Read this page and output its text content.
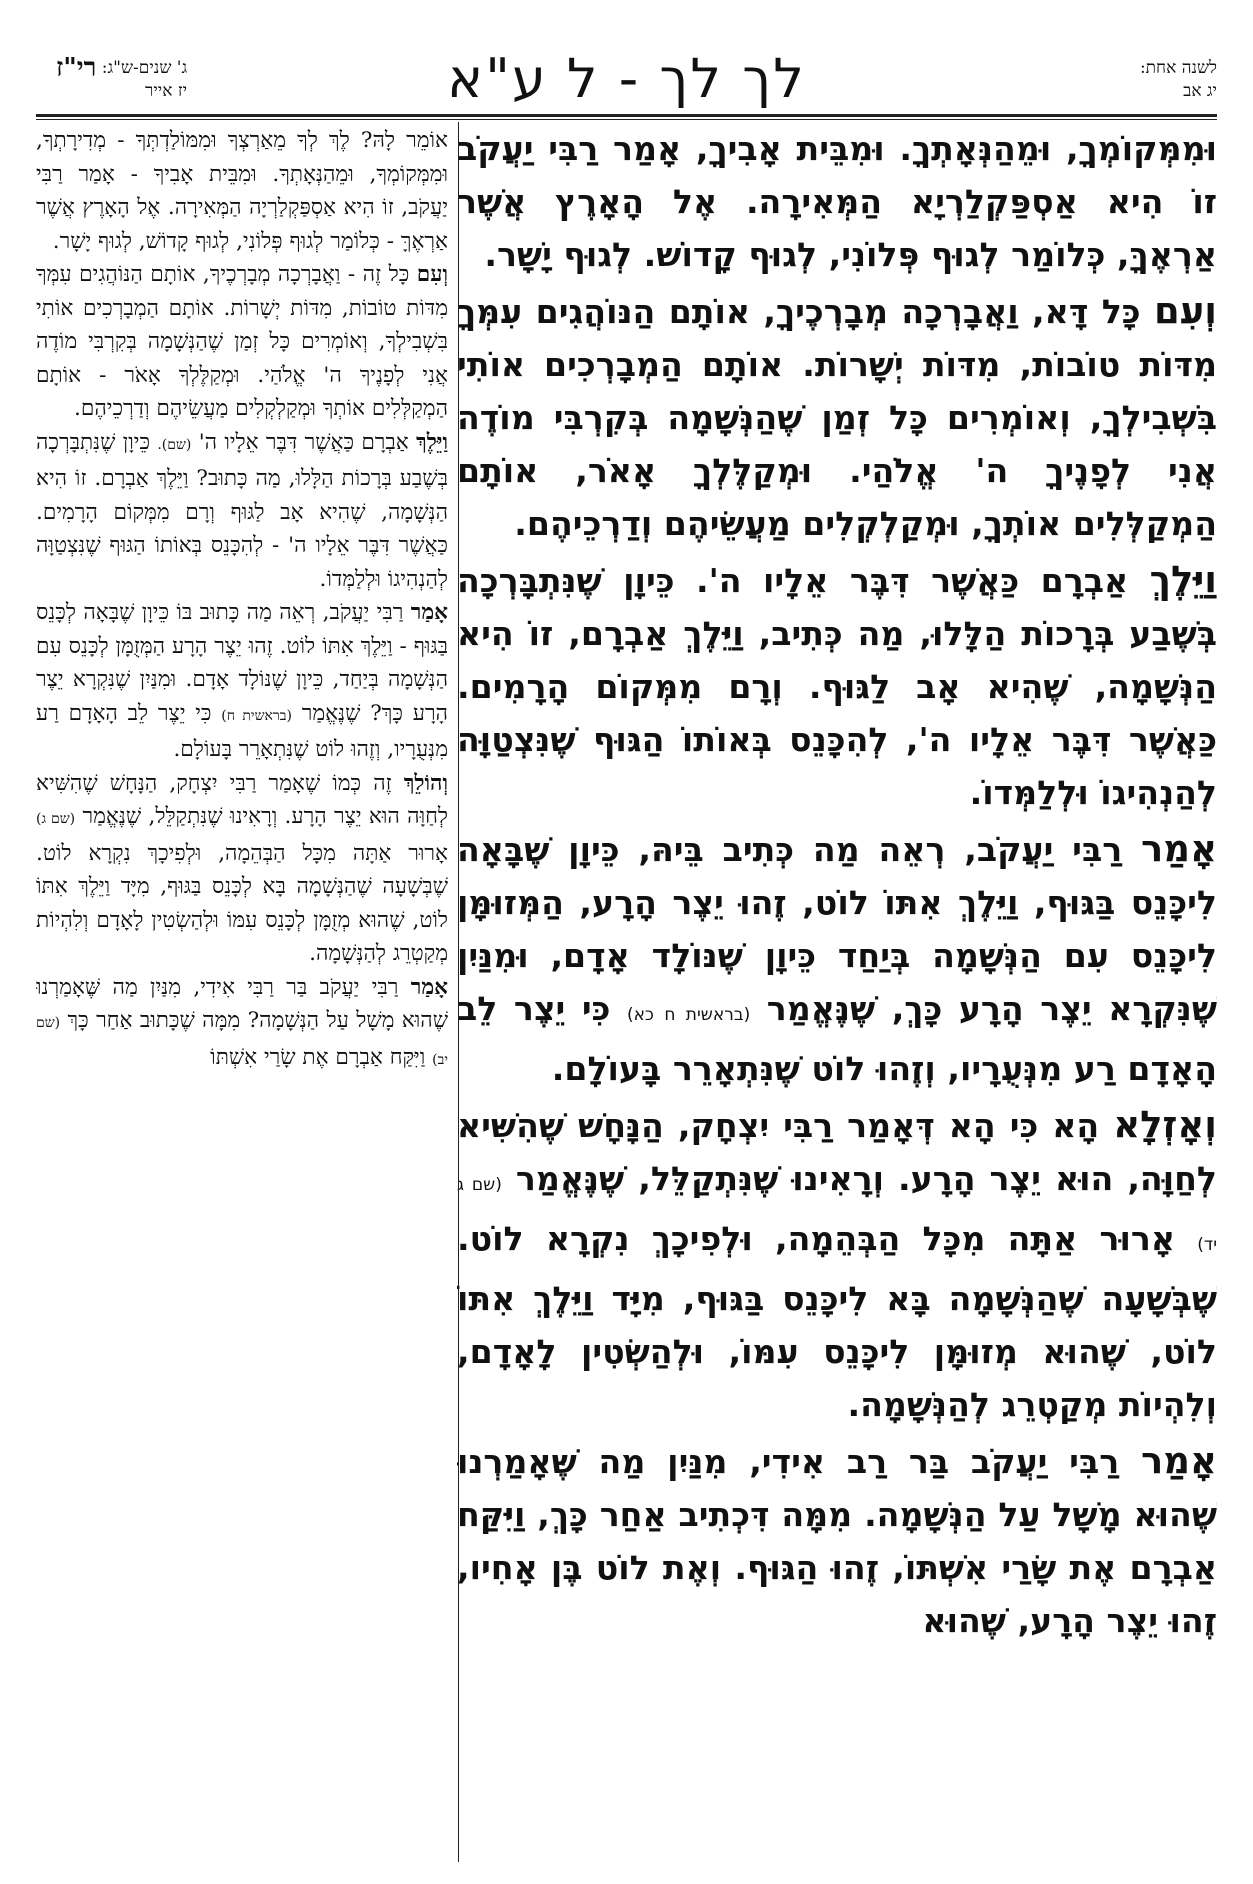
לשנה אחת:
יג אב
לך לך - ל ע"א
ג' שנים-ש"ג:
יז אייר
רי"ז

וּמִמְּקוֹמְךָ, וּמֵהַנְּאָתְךָ. וּמִבֵּית אָבִיךָ, אָמַר רַבִּי יַעֲקֹב זוֹ הִיא אַסְפַּקְלַרְיָא הַמְּאִירָה. אֶל הָאָרֶץ אֲשֶׁר אַרְאֶךָּ, כְּלוֹמַר לְגוּף פְּלוֹנִי, לְגוּף קָדוֹשׁ. לְגוּף יָשָׁר.

וְעִם כָּל דָּא, וַאֲבָרְכָה מְבָרְכֶיךָ, אוֹתָם הַנּוֹהֲגִים עִמְּךָ מִדּוֹת טוֹבוֹת, מִדּוֹת יְשָׁרוֹת. אוֹתָם הַמְבָרְכִים אוֹתִי בִּשְׁבִילְךָ, וְאוֹמְרִים כָּל זְמַן שֶׁהַנְּשָׁמָה בְּקִרְבִּי מוֹדֶה אֲנִי לְפָנֶיךָ ה' אֱלֹהַי. וּמְקַלֶּלְךָ אָאֹר, אוֹתָם הַמְקַלְּלִים אוֹתְךָ, וּמְקַלְקְלִים מַעֲשֵׂיהֶם וְדַרְכֵיהֶם.

וַיֵּלֶךְ אַבְרָם כַּאֲשֶׁר דִּבֶּר אֵלָיו ה'. כֵּיוָן שֶׁנִּתְבָּרְכָה בְּשֶׁבַע בְּרָכוֹת הַלָּלוּ, מַה כְּתִיב, וַיֵּלֶךְ אַבְרָם, זוֹ הִיא הַנְּשָׁמָה, שֶׁהִיא אָב לַגּוּף. וְרָם מִמְּקוֹם הָרָמִים. כַּאֲשֶׁר דִּבֶּר אֵלָיו ה', לְהִכָּנֵס בְּאוֹתוֹ הַגּוּף שֶׁנִּצְטַוָּה לְהַנְהִיגוֹ וּלְלַמְּדוֹ.

אָמַר רַבִּי יַעֲקֹב, רְאֵה מַה כְּתִיב בֵּיהּ, כֵּיוָן שֶׁבָּאָה לִיכָּנֵס בַּגּוּף, וַיֵּלֶךְ אִתּוֹ לוֹט, זֶהוּ יֵצֶר הָרָע, הַמְּזוּמָּן לִיכָּנֵס עִם הַנְּשָׁמָה בְּיַחַד כֵּיוָן שֶׁנּוֹלָד אָדָם, וּמִנַּיִן שֶׁנִּקְרָא יֵצֶר הָרָע כָּךְ, שֶׁנֶּאֱמַר (בראשית ח כא) כִּי יֵצֶר לֵב הָאָדָם רַע מִנְּעֻרָיו, וְזֶהוּ לוֹט שֶׁנִּתְאָרֵר בָּעוֹלָם.

וְאָזְלָא הָא כִּי הָא דְּאָמַר רַבִּי יִצְחָק, הַנָּחָשׁ שֶׁהִשִּׁיא לְחַוָּה, הוּא יֵצֶר הָרָע. וְרָאִינוּ שֶׁנִּתְקַלֵּל, שֶׁנֶּאֱמַר (שם ג יד) אָרוּר אַתָּה מִכָּל הַבְּהֵמָה, וּלְפִיכָךְ נִקְרָא לוֹט. שֶׁבְּשָׁעָה שֶׁהַנְּשָׁמָה בָּא לִיכָּנֵס בַּגּוּף, מִיָּד וַיֵּלֶךְ אִתּוֹ לוֹט, שֶׁהוּא מְזוּמָּן לִיכָּנֵס עִמּוֹ, וּלְהַשְׂטִין לָאָדָם, וְלִהְיוֹת מְקַטְרֵג לְהַנְּשָׁמָה.

אָמַר רַבִּי יַעֲקֹב בַּר רַב אִידִי, מִנַּיִן מַה שֶּׁאָמַרְנוּ שֶׁהוּא מָשָׁל עַל הַנְּשָׁמָה. מִמָּה דִּכְתִיב אַחַר כָּךְ, וַיִּקַּח אַבְרָם אֶת שָׂרַי אִשְׁתּוֹ, זֶהוּ הַגּוּף. וְאֶת לוֹט בֶּן אָחִיו, זֶהוּ יֵצֶר הָרָע, שֶׁהוּא

אוֹמֵר לָהּ? לֶךְ לְךָ מֵאַרְצְךָ וּמִמּוֹלַדְתְּךָ - מְדִירָתְךָ, וּמִמְּקוֹמְךָ, וּמֵהַנְּאָתְךָ. וּמִבֵּית אָבִיךָ - אָמַר רַבִּי יַעֲקֹב, זוֹ הִיא אַסְפַּקְלַרְיָה הַמְּאִירָה. אֶל הָאָרֶץ אֲשֶׁר אַרְאֶךָּ - כְּלוֹמַר לְגוּף פְּלוֹנִי, לְגוּף קָדוֹשׁ, לְגוּף יָשָׁר.

וְעִם כָּל זֶה - וַאֲבָרְכָה מְבָרְכֶיךָ, אוֹתָם הַנּוֹהֲגִים עִמְּךָ מִדּוֹת טוֹבוֹת, מִדּוֹת יְשָׁרוֹת. אוֹתָם הַמְבָרְכִים אוֹתִי בִּשְׁבִילְךָ, וְאוֹמְרִים כָּל זְמַן שֶׁהַנְּשָׁמָה בְּקִרְבִּי מוֹדֶה אֲנִי לְפָנֶיךָ ה' אֱלֹהַי. וּמְקַלֶּלְךָ אָאֹר - אוֹתָם הַמְקַלְּלִים אוֹתְךָ וּמְקַלְקְלִים מַעֲשֵׂיהֶם וְדַרְכֵיהֶם.

וַיֵּלֶךְ אַבְרָם כַּאֲשֶׁר דִּבֶּר אֵלָיו ה' (שם). כֵּיוָן שֶׁנִּתְבָּרְכָה בְּשֶׁבַע בְּרָכוֹת הַלָּלוּ, מַה כָּתוּב? וַיֵּלֶךְ אַבְרָם. זוֹ הִיא הַנְּשָׁמָה, שֶׁהִיא אָב לַגּוּף וְרָם מִמְּקוֹם הָרָמִים. כַּאֲשֶׁר דִּבֶּר אֵלָיו ה' - לְהִכָּנֵס בְּאוֹתוֹ הַגּוּף שֶׁנִּצְטַוָּה לְהַנְהִיגוֹ וּלְלַמְּדוֹ.

אָמַר רַבִּי יַעֲקֹב, רְאֵה מַה כָּתוּב בּוֹ כֵּיוָן שֶׁבָּאָה לְכָּנֵס בַּגּוּף - וַיֵּלֶךְ אִתּוֹ לוֹט. זֶהוּ יֵצֶר הָרָע הַמְּזֻמָּן לְכָּנֵס עִם הַנְּשָׁמָה בְּיַחַד, כֵּיוָן שֶׁנּוֹלָד אָדָם. וּמִנַּיִן שֶׁנִּקְרָא יֵצֶר הָרָע כָּךְ? שֶׁנֶּאֱמַר (בראשית ח) כִּי יֵצֶר לֵב הָאָדָם רַע מִנְּעֻרָיו, וְזֶהוּ לוֹט שֶׁנִּתְאָרֵר בָּעוֹלָם.

וְהוֹלֵךְ זֶה כְּמוֹ שֶׁאָמַר רַבִּי יִצְחָק, הַנָּחָשׁ שֶׁהִשִּׁיא לְחַוָּה הוּא יֵצֶר הָרָע. וְרָאִינוּ שֶׁנִּתְקַלֵּל, שֶׁנֶּאֱמַר (שם ג) אָרוּר אַתָּה מִכָּל הַבְּהֵמָה, וּלְפִיכָךְ נִקְרָא לוֹט. שֶׁבְּשָׁעָה שֶׁהַנְּשָׁמָה בָּא לְכָּנֵס בַּגּוּף, מִיָּד וַיֵּלֶךְ אִתּוֹ לוֹט, שֶׁהוּא מְזֻמָּן לְכָּנֵס עִמּוֹ וּלְהַשְׂטִין לָאָדָם וְלִהְיוֹת מְקַטְרֵג לְהַנְּשָׁמָה.

אָמַר רַבִּי יַעֲקֹב בַּר רַבִּי אִידִי, מִנַּיִן מַה שֶּׁאָמַרְנוּ שֶׁהוּא מָשָׁל עַל הַנְּשָׁמָה? מִמָּה שֶׁכָּתוּב אַחַר כָּךְ (שם יב) וַיִּקַּח אַבְרָם אֶת שָׂרַי אִשְׁתּוֹ
